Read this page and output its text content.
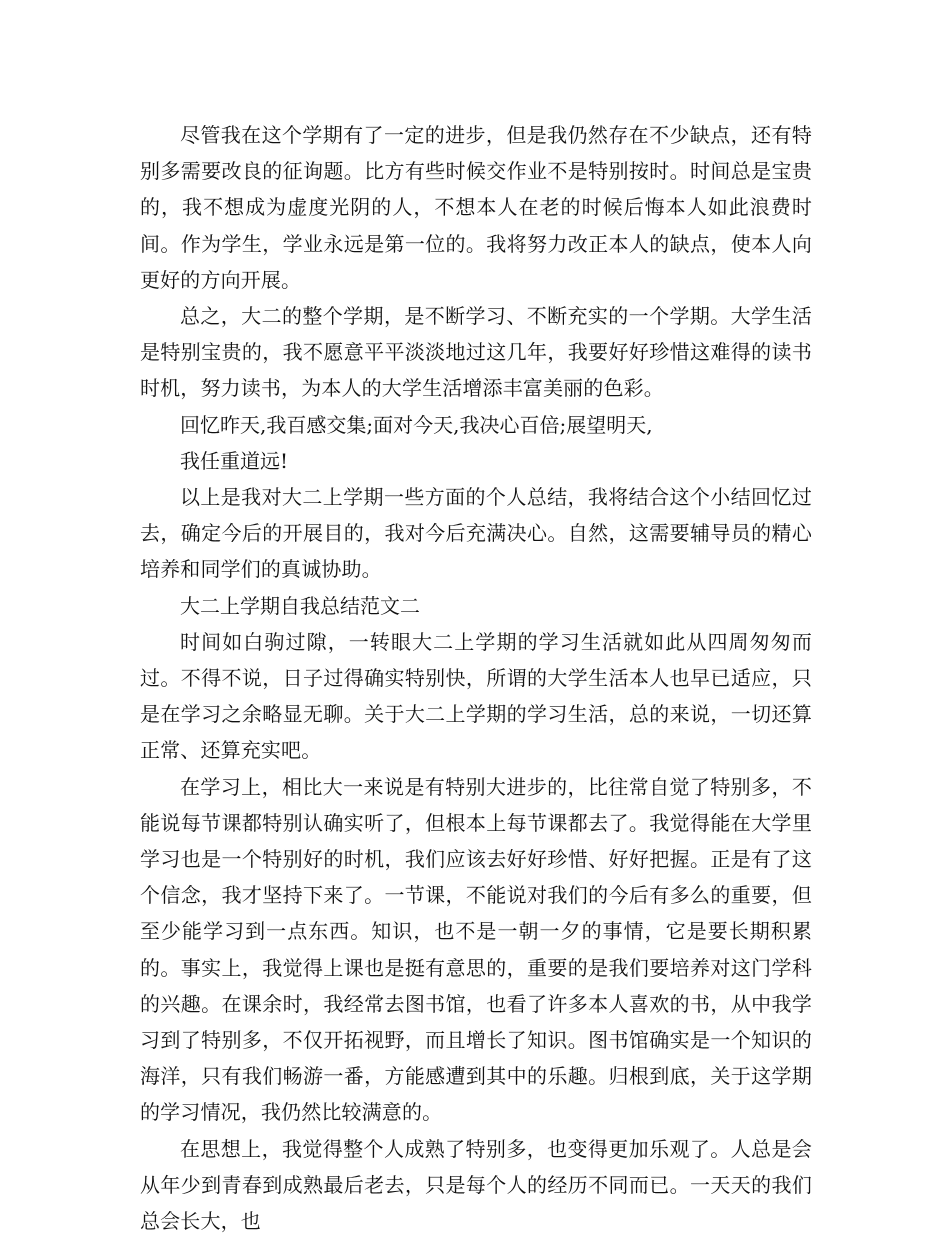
尽管我在这个学期有了一定的进步，但是我仍然存在不少缺点，还有特别多需要改良的征询题。比方有些时候交作业不是特别按时。时间总是宝贵的，我不想成为虚度光阴的人，不想本人在老的时候后悔本人如此浪费时间。作为学生，学业永远是第一位的。我将努力改正本人的缺点，使本人向更好的方向开展。

总之，大二的整个学期，是不断学习、不断充实的一个学期。大学生活是特别宝贵的，我不愿意平平淡淡地过这几年，我要好好珍惜这难得的读书时机，努力读书，为本人的大学生活增添丰富美丽的色彩。

回忆昨天,我百感交集;面对今天,我决心百倍;展望明天,

我任重道远!

以上是我对大二上学期一些方面的个人总结，我将结合这个小结回忆过去，确定今后的开展目的，我对今后充满决心。自然，这需要辅导员的精心培养和同学们的真诚协助。

大二上学期自我总结范文二

时间如白驹过隙，一转眼大二上学期的学习生活就如此从四周匆匆而过。不得不说，日子过得确实特别快，所谓的大学生活本人也早已适应，只是在学习之余略显无聊。关于大二上学期的学习生活，总的来说，一切还算正常、还算充实吧。

在学习上，相比大一来说是有特别大进步的，比往常自觉了特别多，不能说每节课都特别认确实听了，但根本上每节课都去了。我觉得能在大学里学习也是一个特别好的时机，我们应该去好好珍惜、好好把握。正是有了这个信念，我才坚持下来了。一节课，不能说对我们的今后有多么的重要，但至少能学习到一点东西。知识，也不是一朝一夕的事情，它是要长期积累的。事实上，我觉得上课也是挺有意思的，重要的是我们要培养对这门学科的兴趣。在课余时，我经常去图书馆，也看了许多本人喜欢的书，从中我学习到了特别多，不仅开拓视野，而且增长了知识。图书馆确实是一个知识的海洋，只有我们畅游一番，方能感遭到其中的乐趣。归根到底，关于这学期的学习情况，我仍然比较满意的。

在思想上，我觉得整个人成熟了特别多，也变得更加乐观了。人总是会从年少到青春到成熟最后老去，只是每个人的经历不同而已。一天天的我们总会长大，也
